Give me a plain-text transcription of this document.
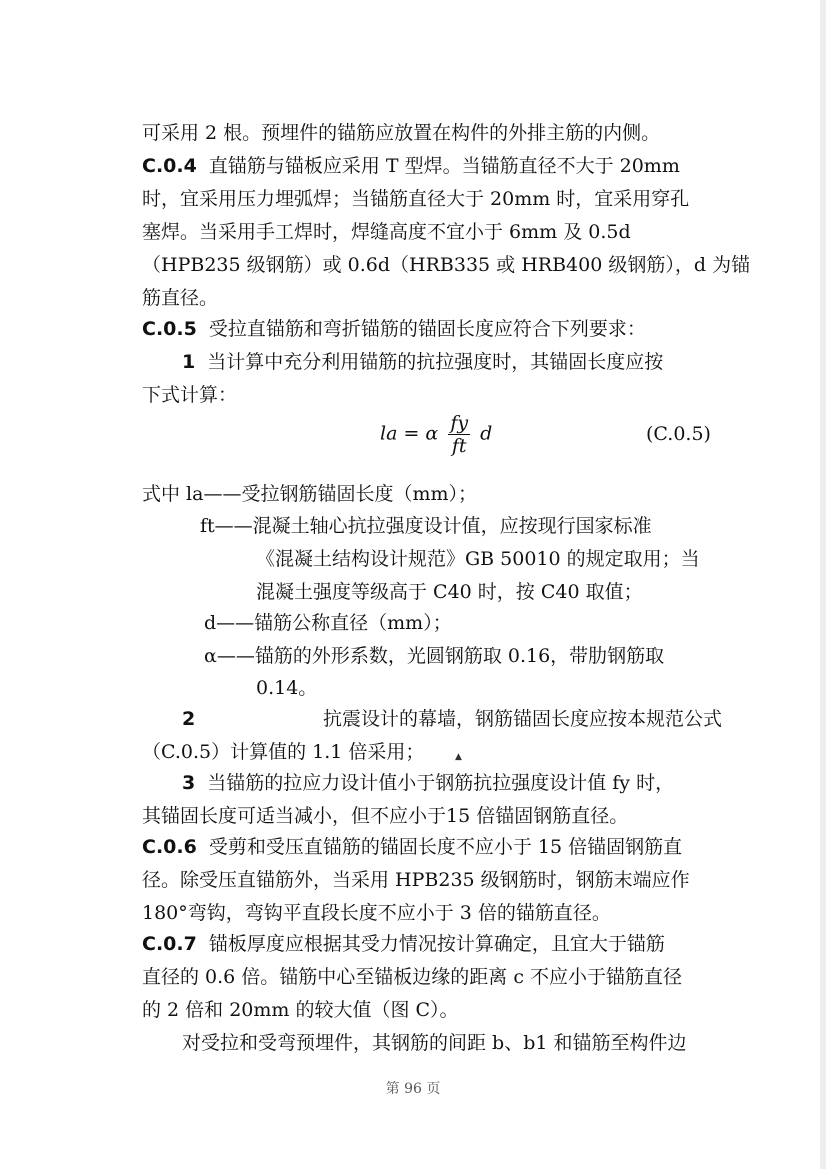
可采用 2 根。预埋件的锚筋应放置在构件的外排主筋的内侧。
C.0.4 直锚筋与锚板应采用 T 型焊。当锚筋直径不大于 20mm
时，宜采用压力埋弧焊；当锚筋直径大于 20mm 时，宜采用穿孔
塞焊。当采用手工焊时，焊缝高度不宜小于 6mm 及 0.5d
（HPB235 级钢筋）或 0.6d（HRB335 或 HRB400 级钢筋），d 为锚
筋直径。
C.0.5 受拉直锚筋和弯折锚筋的锚固长度应符合下列要求：
1 当计算中充分利用锚筋的抗拉强度时，其锚固长度应按
下式计算：
la = α $\frac{fy}{ft}$ d	(C.0.5)
式中 la——受拉钢筋锚固长度（mm）；
ft——混凝土轴心抗拉强度设计值，应按现行国家标准
《混凝土结构设计规范》GB 50010 的规定取用；当
混凝土强度等级高于 C40 时，按 C40 取值；
d——锚筋公称直径（mm）；
α——锚筋的外形系数，光圆钢筋取 0.16，带肋钢筋取
0.14。
2	抗震设计的幕墙，钢筋锚固长度应按本规范公式
（C.0.5）计算值的 1.1 倍采用；	▲
3 当锚筋的拉应力设计值小于钢筋抗拉强度设计值 fy 时，
其锚固长度可适当减小，但不应小于15 倍锚固钢筋直径。
C.0.6 受剪和受压直锚筋的锚固长度不应小于 15 倍锚固钢筋直
径。除受压直锚筋外，当采用 HPB235 级钢筋时，钢筋末端应作
180°弯钩，弯钩平直段长度不应小于 3 倍的锚筋直径。
C.0.7 锚板厚度应根据其受力情况按计算确定，且宜大于锚筋
直径的 0.6 倍。锚筋中心至锚板边缘的距离 c 不应小于锚筋直径
的 2 倍和 20mm 的较大值（图 C）。
对受拉和受弯预埋件，其钢筋的间距 b、b1 和锚筋至构件边
第 96 页
